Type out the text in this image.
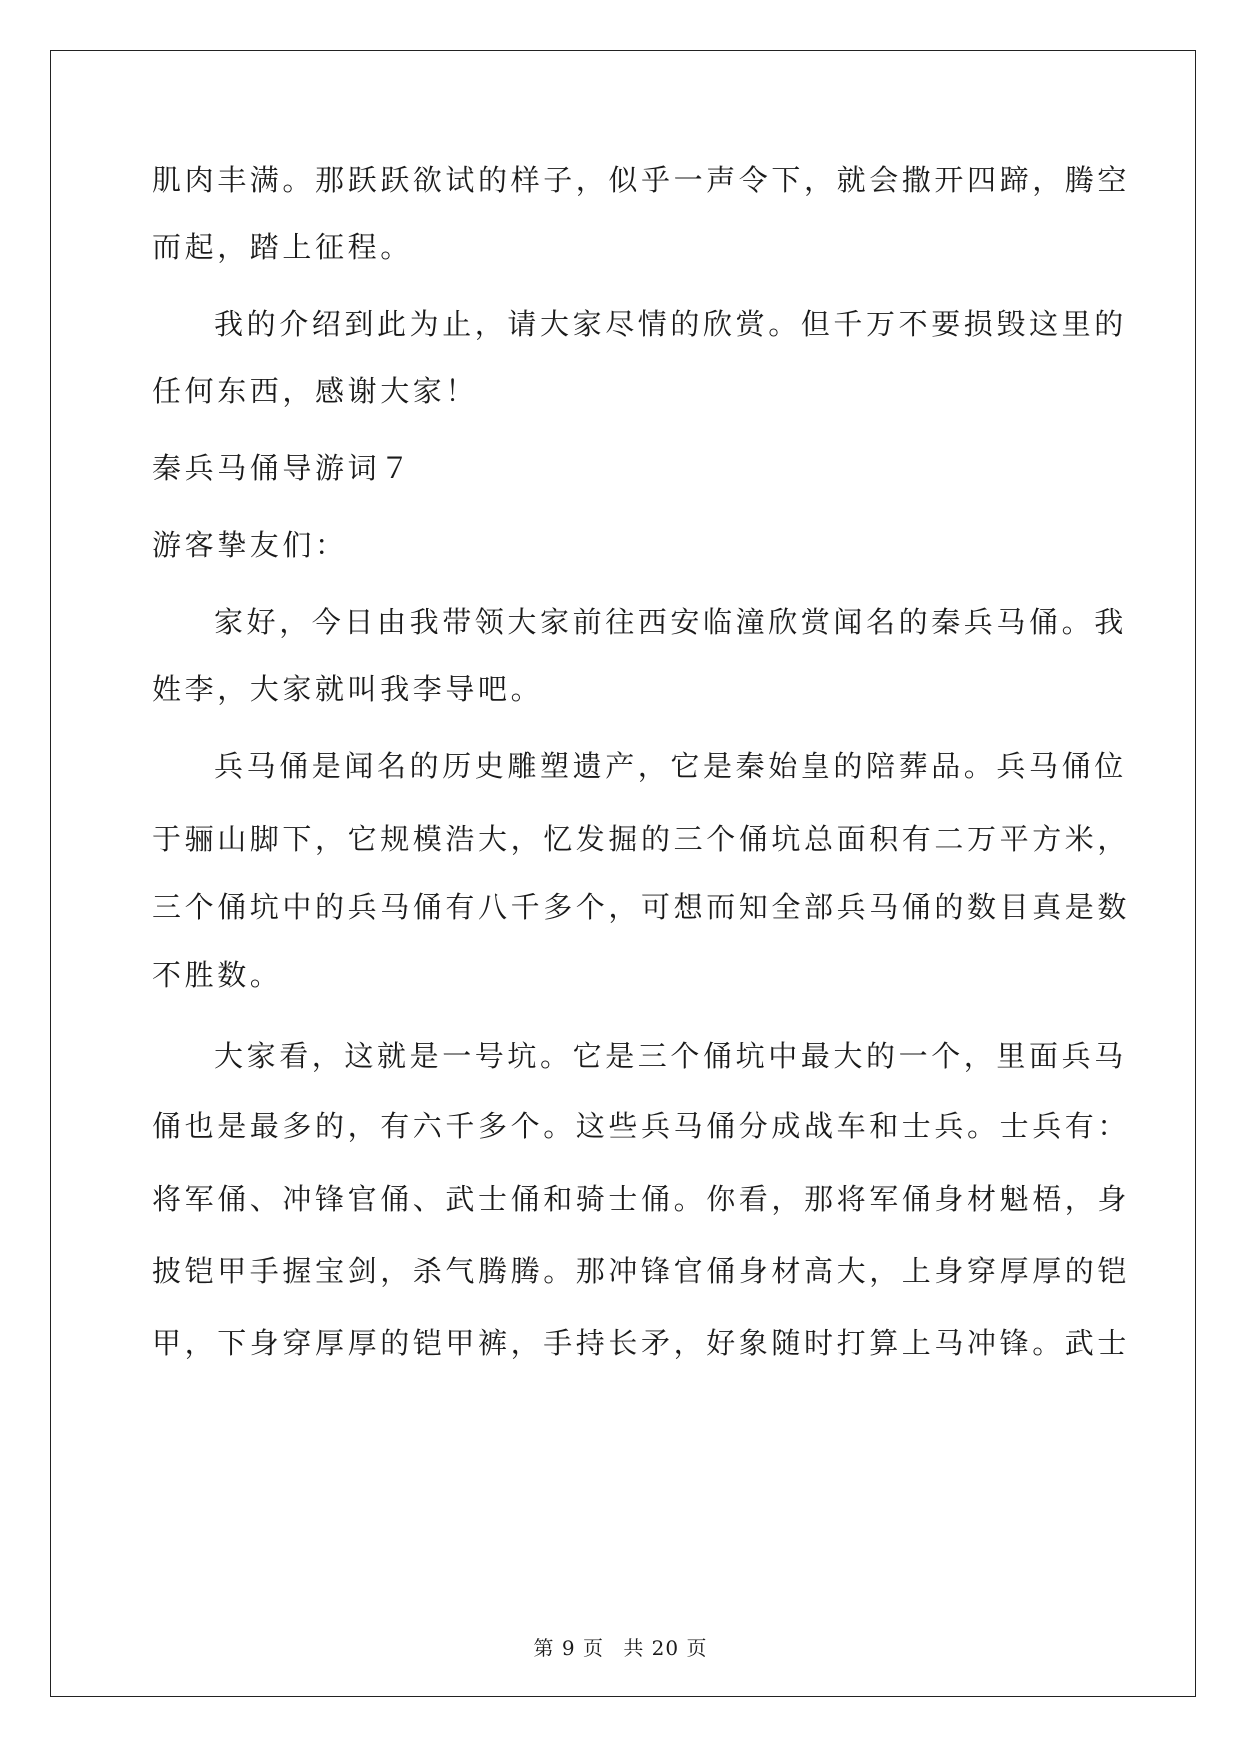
肌肉丰满。那跃跃欲试的样子，似乎一声令下，就会撒开四蹄，腾空
而起，踏上征程。
我的介绍到此为止，请大家尽情的欣赏。但千万不要损毁这里的
任何东西，感谢大家！
秦兵马俑导游词７
游客挚友们：
家好，今日由我带领大家前往西安临潼欣赏闻名的秦兵马俑。我
姓李，大家就叫我李导吧。
兵马俑是闻名的历史雕塑遗产，它是秦始皇的陪葬品。兵马俑位
于骊山脚下，它规模浩大，忆发掘的三个俑坑总面积有二万平方米，
三个俑坑中的兵马俑有八千多个，可想而知全部兵马俑的数目真是数
不胜数。
大家看，这就是一号坑。它是三个俑坑中最大的一个，里面兵马
俑也是最多的，有六千多个。这些兵马俑分成战车和士兵。士兵有：
将军俑、冲锋官俑、武士俑和骑士俑。你看，那将军俑身材魁梧，身
披铠甲手握宝剑，杀气腾腾。那冲锋官俑身材高大，上身穿厚厚的铠
甲，下身穿厚厚的铠甲裤，手持长矛，好象随时打算上马冲锋。武士
第 9 页 共 20 页
